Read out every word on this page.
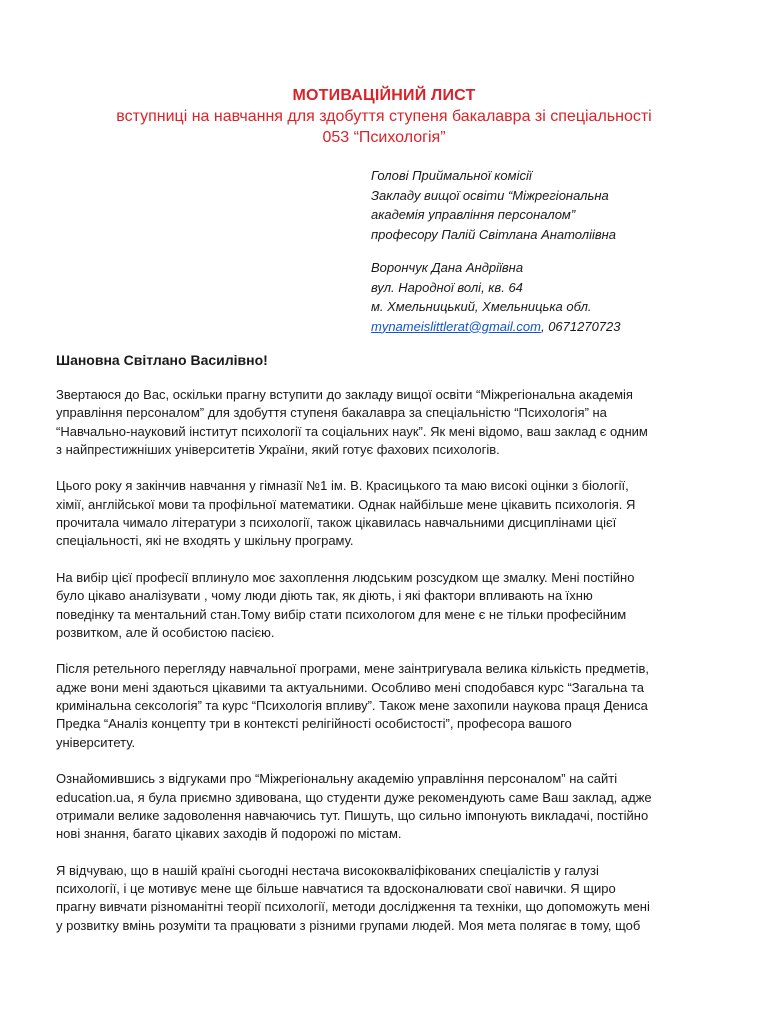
МОТИВАЦІЙНИЙ ЛИСТ
вступниці на навчання для здобуття ступеня бакалавра зі спеціальності
053 “Психологія”
Голові Приймальної комісії
Закладу вищої освіти “Міжрегіональна
академія управління персоналом”
професору Палій Світлана Анатоліівна
Ворончук Дана Андріївна
вул. Народної волі, кв. 64
м. Хмельницький, Хмельницька обл.
mynameislittlerat@gmail.com, 0671270723
Шановна Світлано Василівно!

Звертаюся до Вас, оскільки прагну вступити до закладу вищої освіти “Міжрегіональна академія
управління персоналом” для здобуття ступеня бакалавра за спеціальністю “Психологія” на
“Навчально-науковий інститут психології та соціальних наук”. Як мені відомо, ваш заклад є одним
з найпрестижніших університетів України, який готує фахових психологів.

Цього року я закінчив навчання у гімназії №1 ім. В. Красицького та маю високі оцінки з біології,
хімії, англійської мови та профільної математики. Однак найбільше мене цікавить психологія. Я
прочитала чимало літератури з психології, також цікавилась навчальними дисциплінами цієї
спеціальності, які не входять у шкільну програму.

На вибір цієї професії вплинуло моє захоплення людським розсудком ще змалку. Мені постійно
було цікаво аналізувати , чому люди діють так, як діють, і які фактори впливають на їхню
поведінку та ментальний стан.Тому вибір стати психологом для мене є не тільки професійним
розвитком, але й особистою пасією.

Після ретельного перегляду навчальної програми, мене заінтригувала велика кількість предметів,
адже вони мені здаються цікавими та актуальними. Особливо мені сподобався курс “Загальна та
кримінальна сексологія” та курс “Психологія впливу”. Також мене захопили наукова праця Дениса
Предка “Аналіз концепту три в контексті релігійності особистості”, професора вашого
університету.

Ознайомившись з відгуками про “Міжрегіональну академію управління персоналом” на сайті
education.ua, я була приємно здивована, що студенти дуже рекомендують саме Ваш заклад, адже
отримали велике задоволення навчаючись тут. Пишуть, що сильно імпонують викладачі, постійно
нові знання, багато цікавих заходів й подорожі по містам.

Я відчуваю, що в нашій країні сьогодні нестача висококваліфікованих спеціалістів у галузі
психології, і це мотивує мене ще більше навчатися та вдосконалювати свої навички. Я щиро
прагну вивчати різноманітні теорії психології, методи дослідження та техніки, що допоможуть мені
у розвитку вмінь розуміти та працювати з різними групами людей. Моя мета полягає в тому, щоб
